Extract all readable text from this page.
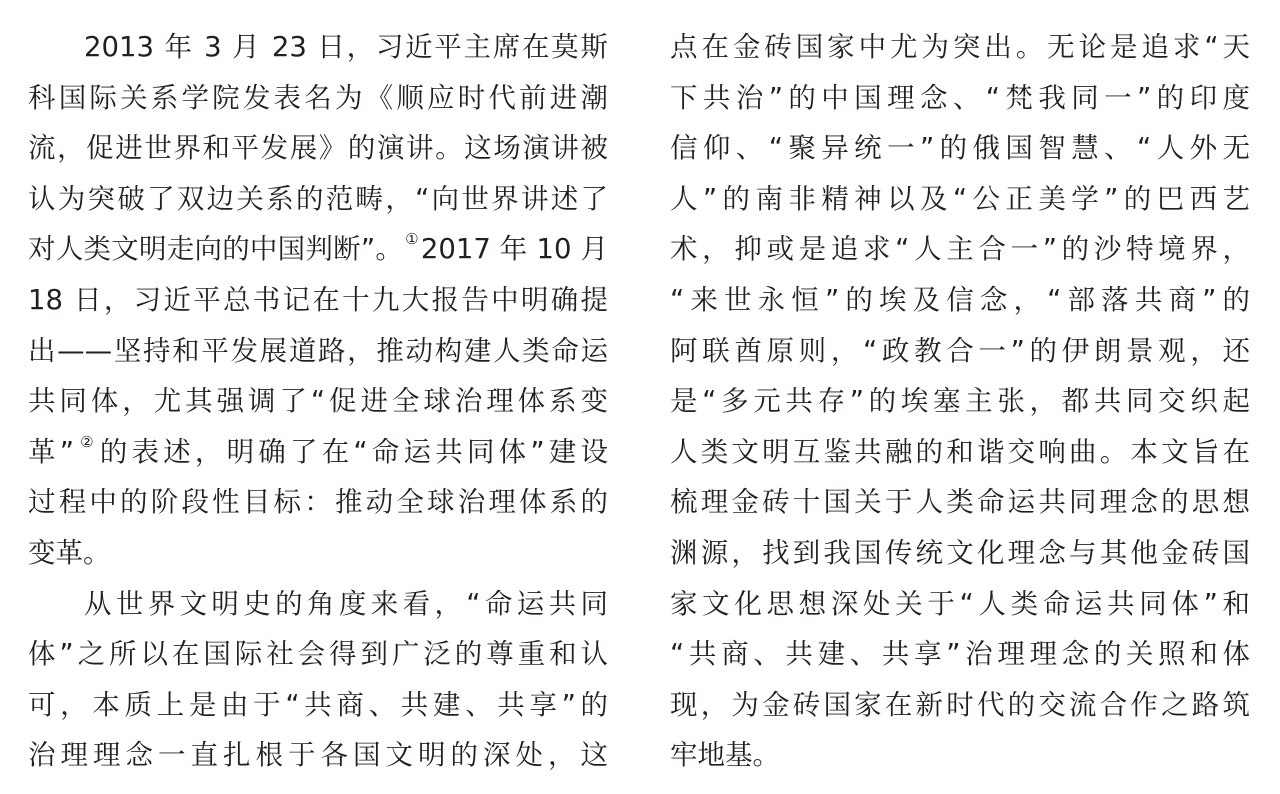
2013 年 3 月 23 日，习近平主席在莫斯
科国际关系学院发表名为《顺应时代前进潮
流，促进世界和平发展》的演讲。这场演讲被
认为突破了双边关系的范畴，“向世界讲述了
对人类文明走向的中国判断”。 ①2017 年 10 月
18 日，习近平总书记在十九大报告中明确提
出——坚持和平发展道路，推动构建人类命运
共同体，尤其强调了“促进全球治理体系变
革” ②的表述，明确了在“命运共同体”建设
过程中的阶段性目标：推动全球治理体系的
变革。
从世界文明史的角度来看，“命运共同
体”之所以在国际社会得到广泛的尊重和认
可，本质上是由于“共商、共建、共享”的
治理理念一直扎根于各国文明的深处，这
点在金砖国家中尤为突出。无论是追求“天
下共治”的中国理念、“梵我同一”的印度
信仰、“聚异统一”的俄国智慧、“人外无
人”的南非精神以及“公正美学”的巴西艺
术，抑或是追求“人主合一”的沙特境界，
“来世永恒”的埃及信念，“部落共商”的
阿联酋原则，“政教合一”的伊朗景观，还
是“多元共存”的埃塞主张，都共同交织起
人类文明互鉴共融的和谐交响曲。本文旨在
梳理金砖十国关于人类命运共同理念的思想
渊源，找到我国传统文化理念与其他金砖国
家文化思想深处关于“人类命运共同体”和
“共商、共建、共享”治理理念的关照和体
现，为金砖国家在新时代的交流合作之路筑
牢地基。
